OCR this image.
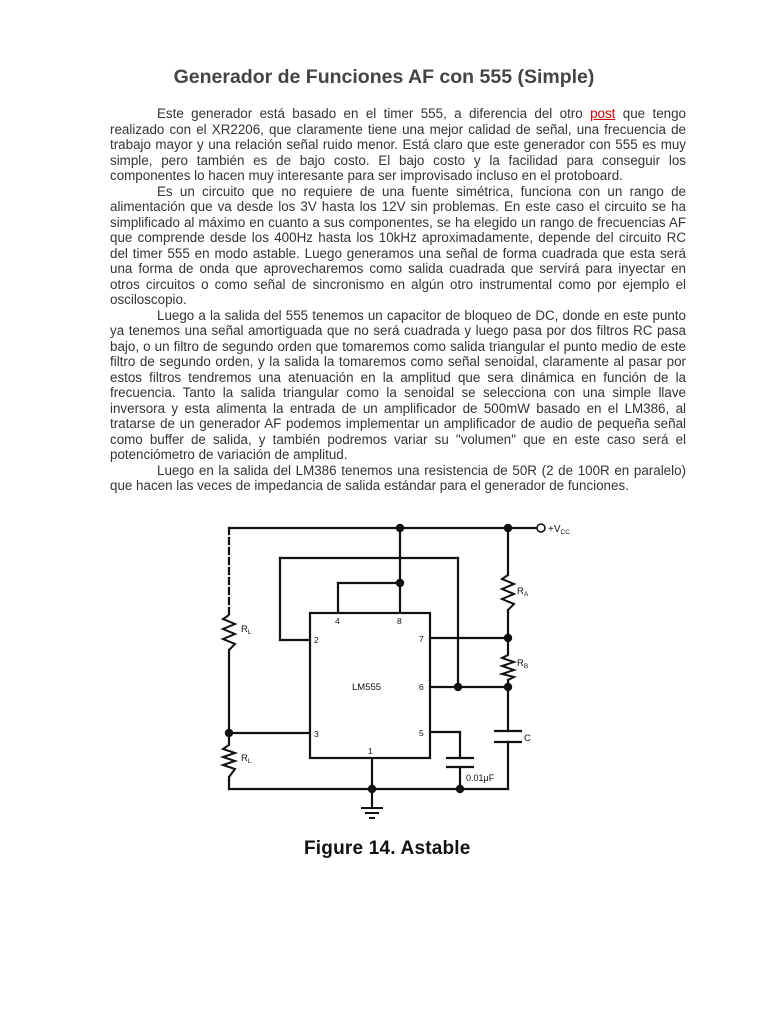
Generador de Funciones AF con 555 (Simple)

Este generador está basado en el timer 555, a diferencia del otro post que tengo realizado con el XR2206, que claramente tiene una mejor calidad de señal, una frecuencia de trabajo mayor y una relación señal ruido menor. Está claro que este generador con 555 es muy simple, pero también es de bajo costo. El bajo costo y la facilidad para conseguir los componentes lo hacen muy interesante para ser improvisado incluso en el protoboard.

Es un circuito que no requiere de una fuente simétrica, funciona con un rango de alimentación que va desde los 3V hasta los 12V sin problemas. En este caso el circuito se ha simplificado al máximo en cuanto a sus componentes, se ha elegido un rango de frecuencias AF que comprende desde los 400Hz hasta los 10kHz aproximadamente, depende del circuito RC del timer 555 en modo astable. Luego generamos una señal de forma cuadrada que esta será una forma de onda que aprovecharemos como salida cuadrada que servirá para inyectar en otros circuitos o como señal de sincronismo en algún otro instrumental como por ejemplo el osciloscopio.

Luego a la salida del 555 tenemos un capacitor de bloqueo de DC, donde en este punto ya tenemos una señal amortiguada que no será cuadrada y luego pasa por dos filtros RC pasa bajo, o un filtro de segundo orden que tomaremos como salida triangular el punto medio de este filtro de segundo orden, y la salida la tomaremos como señal senoidal, claramente al pasar por estos filtros tendremos una atenuación en la amplitud que sera dinámica en función de la frecuencia. Tanto la salida triangular como la senoidal se selecciona con una simple llave inversora y esta alimenta la entrada de un amplificador de 500mW basado en el LM386, al tratarse de un generador AF podemos implementar un amplificador de audio de pequeña señal como buffer de salida, y también podremos variar su "volumen" que en este caso será el potenciómetro de variación de amplitud.

Luego en la salida del LM386 tenemos una resistencia de 50R (2 de 100R en paralelo) que hacen las veces de impedancia de salida estándar para el generador de funciones.

4	8
2	7
6
3	5
1
LM555
$+V_{CC}$
$R_A$
$R_B$
C
$R_L$
$R_L$
0.01μF
Figure 14. Astable
